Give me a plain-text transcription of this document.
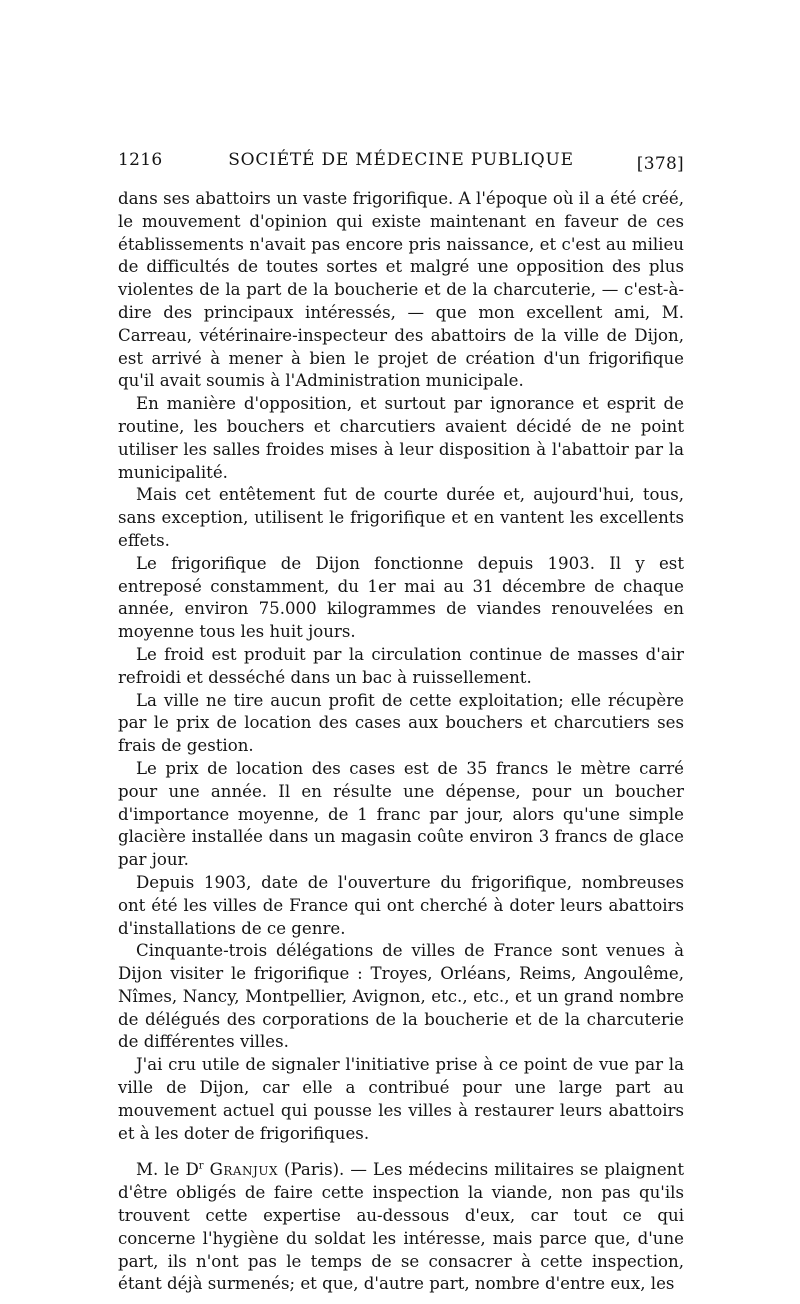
1216	SOCIÉTÉ DE MÉDECINE PUBLIQUE	[378]

dans ses abattoirs un vaste frigorifique. A l'époque où il a été créé, le mouvement d'opinion qui existe maintenant en faveur de ces établissements n'avait pas encore pris naissance, et c'est au milieu de difficultés de toutes sortes et malgré une opposition des plus violentes de la part de la boucherie et de la charcuterie, — c'est-à-dire des principaux intéressés, — que mon excellent ami, M. Carreau, vétérinaire-inspecteur des abattoirs de la ville de Dijon, est arrivé à mener à bien le projet de création d'un frigorifique qu'il avait soumis à l'Administration municipale.

En manière d'opposition, et surtout par ignorance et esprit de routine, les bouchers et charcutiers avaient décidé de ne point utiliser les salles froides mises à leur disposition à l'abattoir par la municipalité.

Mais cet entêtement fut de courte durée et, aujourd'hui, tous, sans exception, utilisent le frigorifique et en vantent les excellents effets.

Le frigorifique de Dijon fonctionne depuis 1903. Il y est entreposé constamment, du 1er mai au 31 décembre de chaque année, environ 75.000 kilogrammes de viandes renouvelées en moyenne tous les huit jours.

Le froid est produit par la circulation continue de masses d'air refroidi et desséché dans un bac à ruissellement.

La ville ne tire aucun profit de cette exploitation; elle récupère par le prix de location des cases aux bouchers et charcutiers ses frais de gestion.

Le prix de location des cases est de 35 francs le mètre carré pour une année. Il en résulte une dépense, pour un boucher d'importance moyenne, de 1 franc par jour, alors qu'une simple glacière installée dans un magasin coûte environ 3 francs de glace par jour.

Depuis 1903, date de l'ouverture du frigorifique, nombreuses ont été les villes de France qui ont cherché à doter leurs abattoirs d'installations de ce genre.

Cinquante-trois délégations de villes de France sont venues à Dijon visiter le frigorifique : Troyes, Orléans, Reims, Angoulême, Nîmes, Nancy, Montpellier, Avignon, etc., etc., et un grand nombre de délégués des corporations de la boucherie et de la charcuterie de différentes villes.

J'ai cru utile de signaler l'initiative prise à ce point de vue par la ville de Dijon, car elle a contribué pour une large part au mouvement actuel qui pousse les villes à restaurer leurs abattoirs et à les doter de frigorifiques.

M. le $D^r$ Granjux (Paris). — Les médecins militaires se plaignent d'être obligés de faire cette inspection la viande, non pas qu'ils trouvent cette expertise au-dessous d'eux, car tout ce qui concerne l'hygiène du soldat les intéresse, mais parce que, d'une part, ils n'ont pas le temps de se consacrer à cette inspection, étant déjà surmenés; et que, d'autre part, nombre d'entre eux, les
